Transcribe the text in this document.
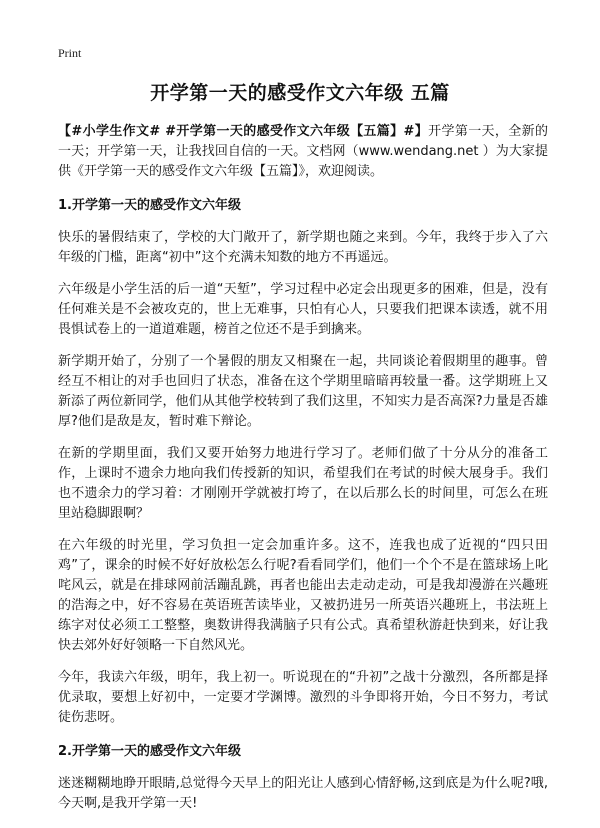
Print
开学第一天的感受作文六年级 五篇

【#小学生作文# #开学第一天的感受作文六年级【五篇】#】开学第一天，全新的一天；开学第一天，让我找回自信的一天。文档网（www.wendang.net ）为大家提供《开学第一天的感受作文六年级【五篇】》，欢迎阅读。

1.开学第一天的感受作文六年级

快乐的暑假结束了，学校的大门敞开了，新学期也随之来到。今年，我终于步入了六年级的门槛，距离“初中”这个充满未知数的地方不再遥远。

六年级是小学生活的后一道“天堑”，学习过程中必定会出现更多的困难，但是，没有任何难关是不会被攻克的，世上无难事，只怕有心人，只要我们把课本读透，就不用畏惧试卷上的一道道难题，榜首之位还不是手到擒来。

新学期开始了，分别了一个暑假的朋友又相聚在一起，共同谈论着假期里的趣事。曾经互不相让的对手也回归了状态，准备在这个学期里暗暗再较量一番。这学期班上又新添了两位新同学，他们从其他学校转到了我们这里，不知实力是否高深?力量是否雄厚?他们是敌是友，暂时难下辩论。

在新的学期里面，我们又要开始努力地进行学习了。老师们做了十分从分的准备工作，上课时不遗余力地向我们传授新的知识，希望我们在考试的时候大展身手。我们也不遗余力的学习着：才刚刚开学就被打垮了，在以后那么长的时间里，可怎么在班里站稳脚跟啊？

在六年级的时光里，学习负担一定会加重许多。这不，连我也成了近视的“四只田鸡”了，课余的时候不好好放松怎么行呢?看看同学们，他们一个个不是在篮球场上叱咤风云，就是在排球网前活蹦乱跳，再者也能出去走动走动，可是我却漫游在兴趣班的浩海之中，好不容易在英语班苦读毕业，又被扔进另一所英语兴趣班上，书法班上练字对仗必须工工整整，奥数讲得我满脑子只有公式。真希望秋游赶快到来，好让我快去郊外好好领略一下自然风光。

今年，我读六年级，明年，我上初一。听说现在的“升初”之战十分激烈，各所都是择优录取，要想上好初中，一定要才学渊博。激烈的斗争即将开始，今日不努力，考试徒伤悲呀。

2.开学第一天的感受作文六年级

迷迷糊糊地睁开眼睛,总觉得今天早上的阳光让人感到心情舒畅,这到底是为什么呢?哦,今天啊,是我开学第一天!
